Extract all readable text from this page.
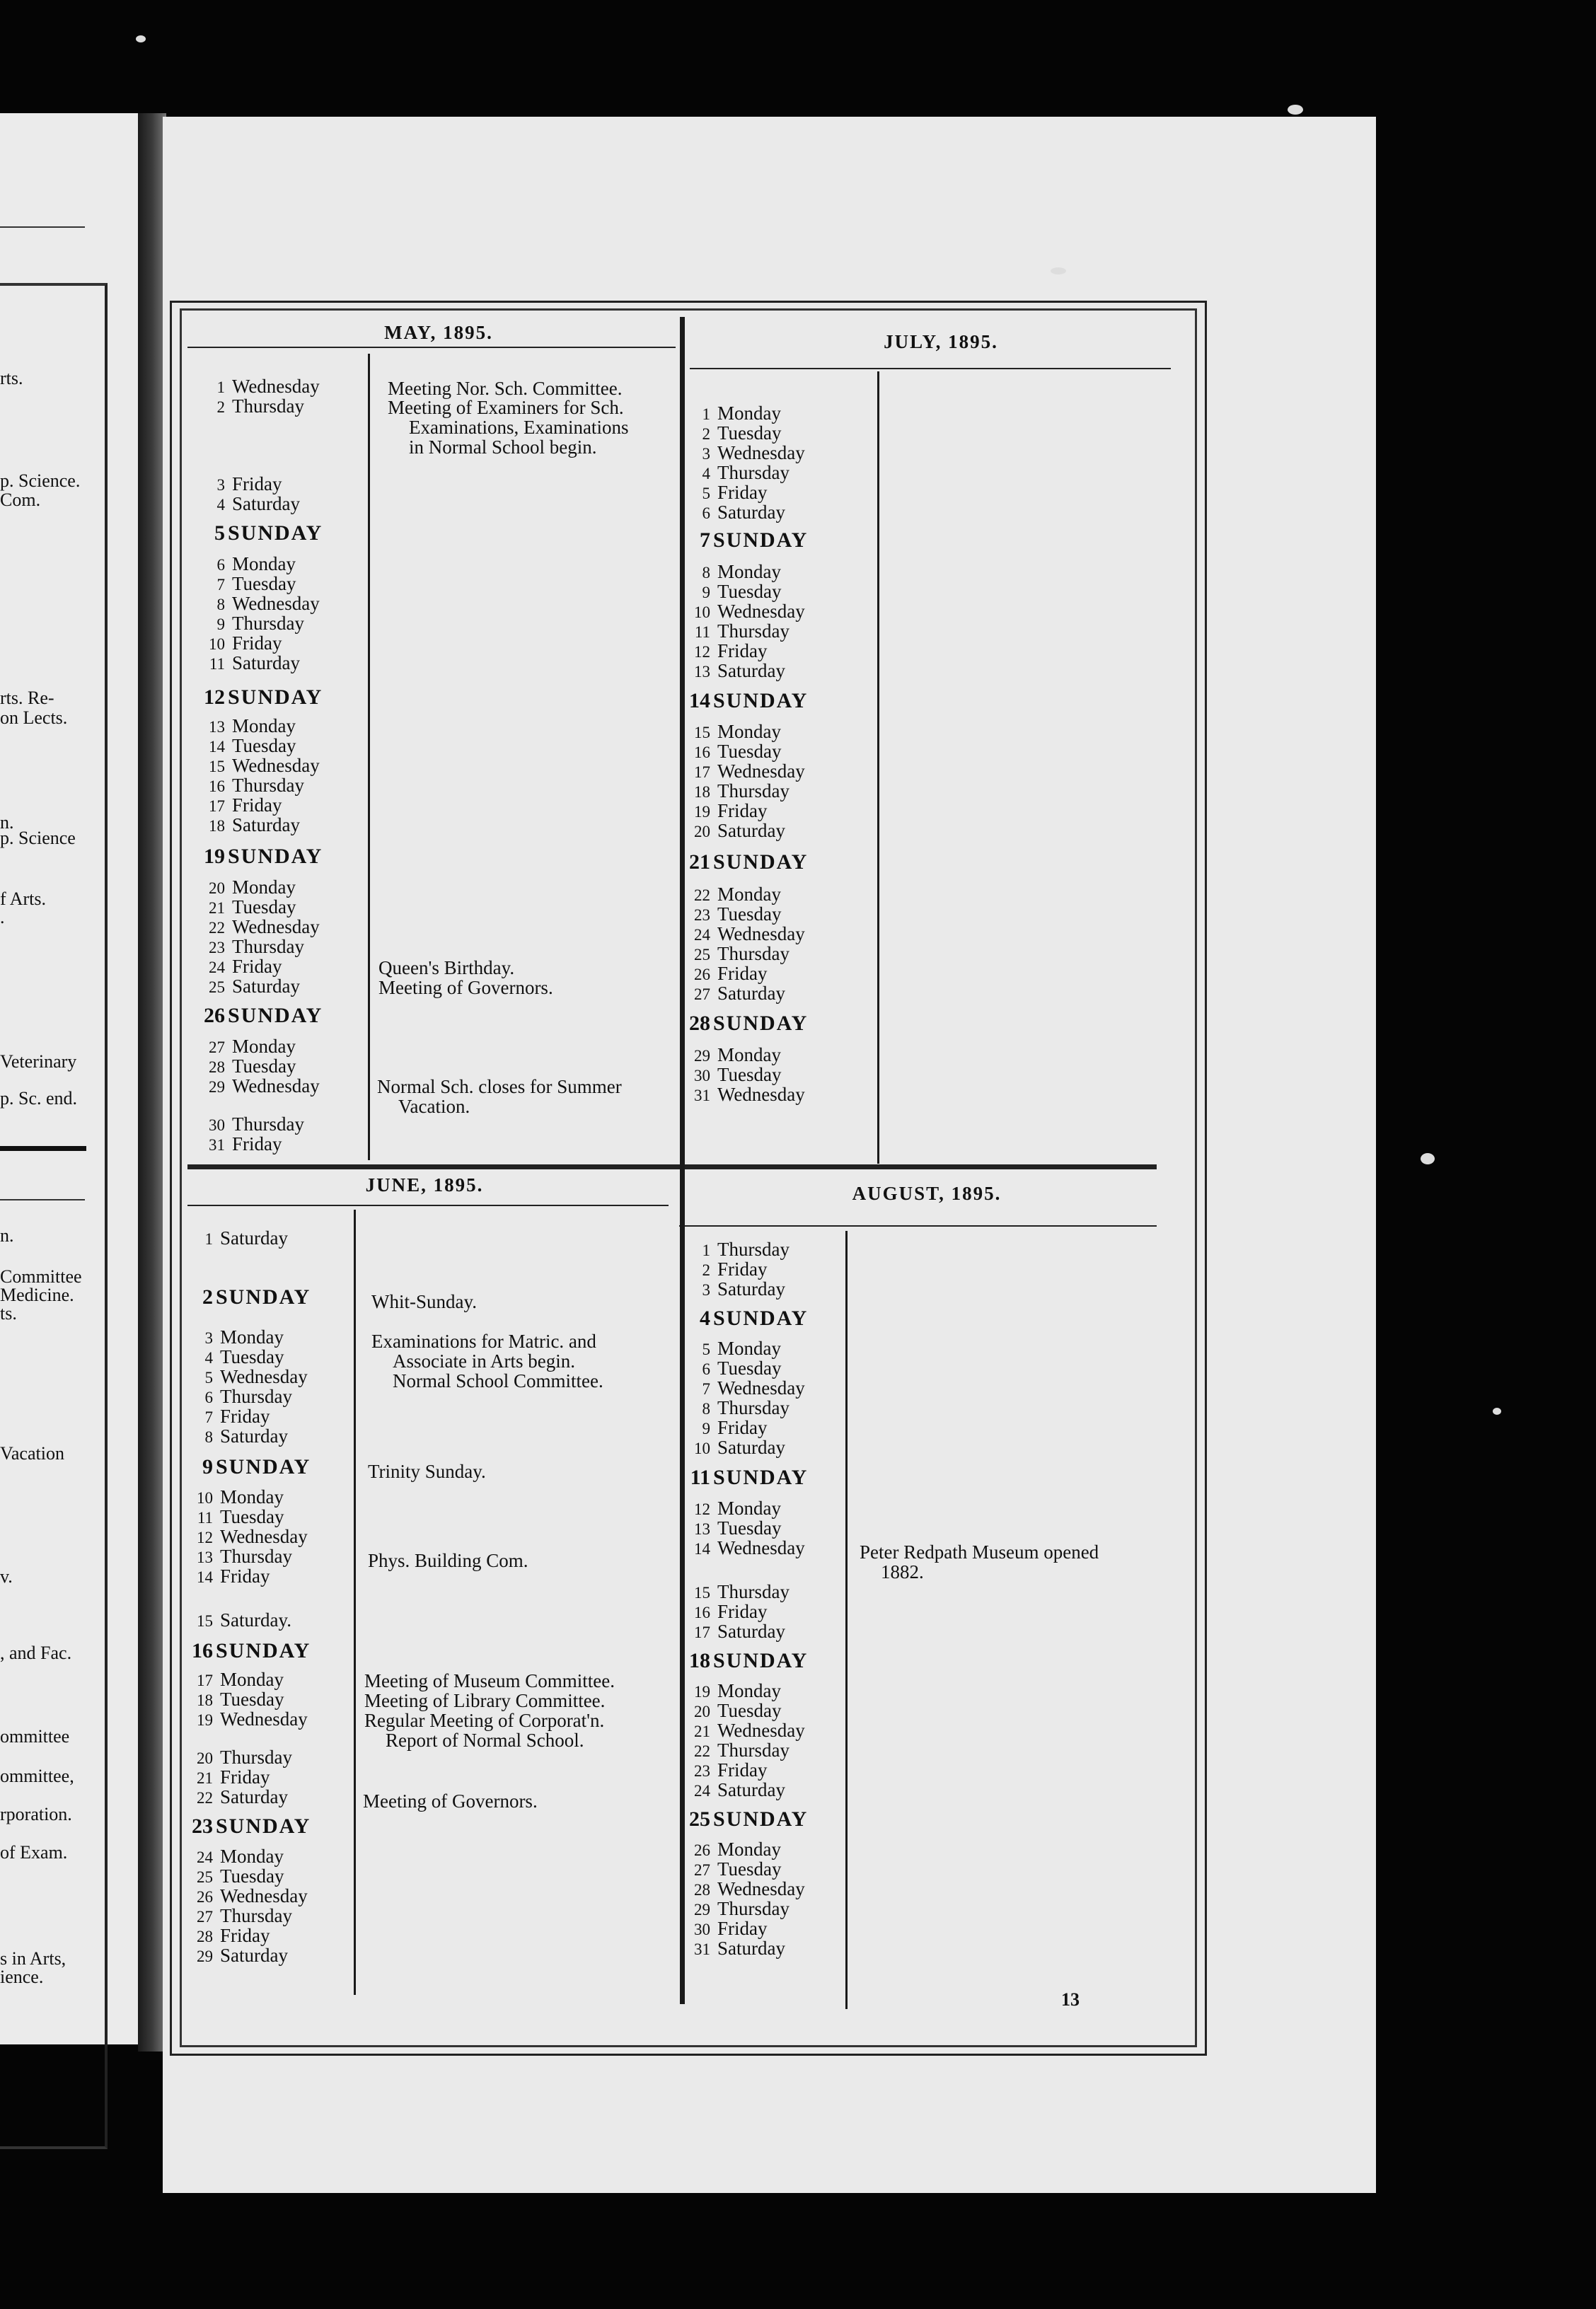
rts.
p. Science.
Com.
rts. Re-
on Lects.
n.
p. Science
f Arts.
.
Veterinary
p. Sc. end.
n.
Committee
Medicine.
ts.
Vacation
v.
, and Fac.
ommittee
ommittee,
rporation.
of Exam.
s in Arts,
ience.
MAY, 1895.	JULY, 1895.
JUNE, 1895.	AUGUST, 1895.
1 Wednesday
2 Thursday
3 Friday
4 Saturday
5 SUNDAY
6 Monday
7 Tuesday
8 Wednesday
9 Thursday
10 Friday
11 Saturday
12 SUNDAY
13 Monday
14 Tuesday
15 Wednesday
16 Thursday
17 Friday
18 Saturday
19 SUNDAY
20 Monday
21 Tuesday
22 Wednesday
23 Thursday
24 Friday
25 Saturday
26 SUNDAY
27 Monday
28 Tuesday
29 Wednesday
30 Thursday
31 Friday
1 Saturday
2 SUNDAY
3 Monday
4 Tuesday
5 Wednesday
6 Thursday
7 Friday
8 Saturday
9 SUNDAY
10 Monday
11 Tuesday
12 Wednesday
13 Thursday
14 Friday
15 Saturday.
16 SUNDAY
17 Monday
18 Tuesday
19 Wednesday
20 Thursday
21 Friday
22 Saturday
23 SUNDAY
24 Monday
25 Tuesday
26 Wednesday
27 Thursday
28 Friday
29 Saturday
1 Monday
2 Tuesday
3 Wednesday
4 Thursday
5 Friday
6 Saturday
7 SUNDAY
8 Monday
9 Tuesday
10 Wednesday
11 Thursday
12 Friday
13 Saturday
14 SUNDAY
15 Monday
16 Tuesday
17 Wednesday
18 Thursday
19 Friday
20 Saturday
21 SUNDAY
22 Monday
23 Tuesday
24 Wednesday
25 Thursday
26 Friday
27 Saturday
28 SUNDAY
29 Monday
30 Tuesday
31 Wednesday
1 Thursday
2 Friday
3 Saturday
4 SUNDAY
5 Monday
6 Tuesday
7 Wednesday
8 Thursday
9 Friday
10 Saturday
11 SUNDAY
12 Monday
13 Tuesday
14 Wednesday
15 Thursday
16 Friday
17 Saturday
18 SUNDAY
19 Monday
20 Tuesday
21 Wednesday
22 Thursday
23 Friday
24 Saturday
25 SUNDAY
26 Monday
27 Tuesday
28 Wednesday
29 Thursday
30 Friday
31 Saturday
Meeting Nor. Sch. Committee.
Meeting of Examiners for Sch.
Examinations, Examinations
in Normal School begin.
Queen's Birthday.
Meeting of Governors.
Normal Sch. closes for Summer
Vacation.
Whit-Sunday.
Examinations for Matric. and
Associate in Arts begin.
Normal School Committee.
Trinity Sunday.
Phys. Building Com.
Meeting of Museum Committee.
Meeting of Library Committee.
Regular Meeting of Corporat'n.
Report of Normal School.
Meeting of Governors.
Peter Redpath Museum opened
1882.
13
